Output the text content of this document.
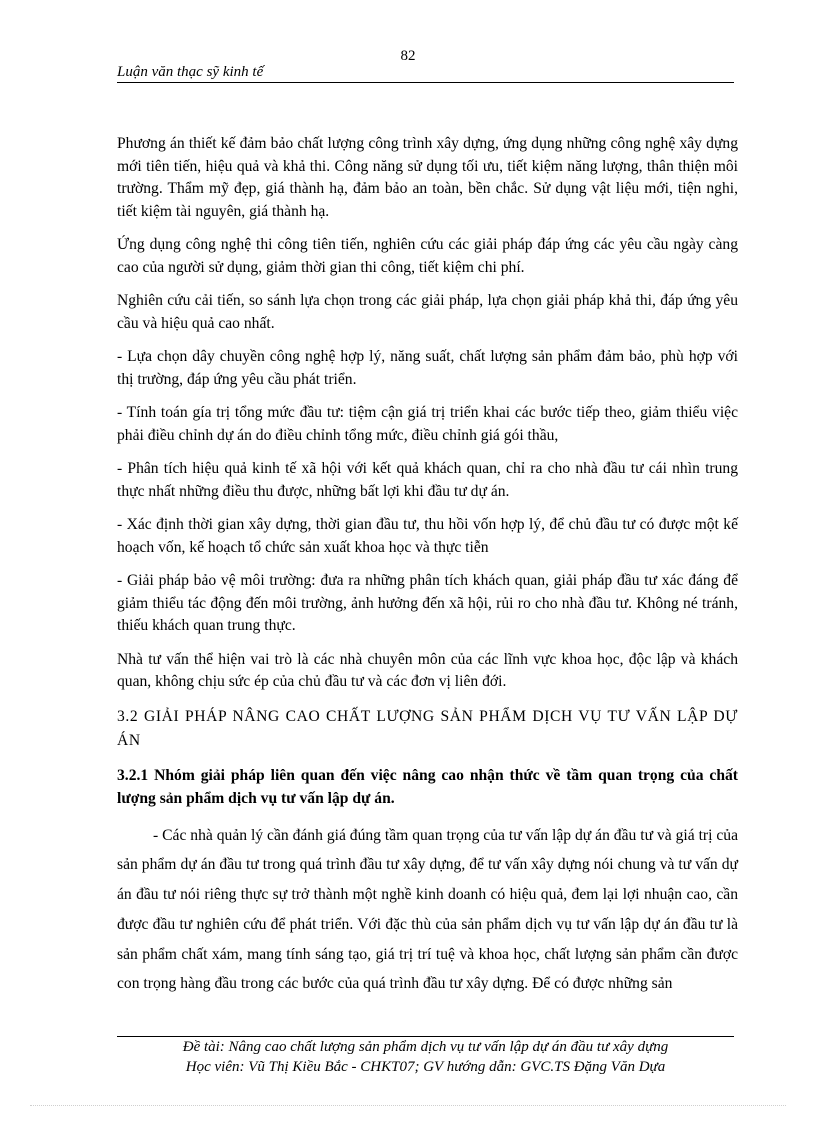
82
Luận văn thạc sỹ kinh tế

Phương án thiết kế đảm bảo chất lượng công trình xây dựng, ứng dụng những công nghệ xây dựng mới tiên tiến, hiệu quả và khả thi. Công năng sử dụng tối ưu, tiết kiệm năng lượng, thân thiện môi trường. Thẩm mỹ đẹp, giá thành hạ, đảm bảo an toàn, bền chắc. Sử dụng vật liệu mới, tiện nghi, tiết kiệm tài nguyên, giá thành hạ.

Ứng dụng công nghệ thi công tiên tiến, nghiên cứu các giải pháp đáp ứng các yêu cầu ngày càng cao của người sử dụng, giảm thời gian thi công, tiết kiệm chi phí.

Nghiên cứu cải tiến, so sánh lựa chọn trong các giải pháp, lựa chọn giải pháp khả thi, đáp ứng yêu cầu và hiệu quả cao nhất.

- Lựa chọn dây chuyền công nghệ hợp lý, năng suất, chất lượng sản phẩm đảm bảo, phù hợp với thị trường, đáp ứng yêu cầu phát triển.

- Tính toán gía trị tổng mức đầu tư: tiệm cận giá trị triển khai các bước tiếp theo, giảm thiểu việc phải điều chỉnh dự án do điều chỉnh tổng mức, điều chỉnh giá gói thầu,

- Phân tích hiệu quả kinh tế xã hội với kết quả khách quan, chỉ ra cho nhà đầu tư cái nhìn trung thực nhất những điều thu được, những bất lợi khi đầu tư dự án.

- Xác định thời gian xây dựng, thời gian đầu tư, thu hồi vốn hợp lý, để chủ đầu tư có được một kế hoạch vốn, kế hoạch tổ chức sản xuất khoa học và thực tiễn

- Giải pháp bảo vệ môi trường: đưa ra những phân tích khách quan, giải pháp đầu tư xác đáng để giảm thiểu tác động đến môi trường, ảnh hưởng đến xã hội, rủi ro cho nhà đầu tư. Không né tránh, thiếu khách quan trung thực.

Nhà tư vấn thể hiện vai trò là các nhà chuyên môn của các lĩnh vực khoa học, độc lập và khách quan, không chịu sức ép của chủ đầu tư và các đơn vị liên đới.

3.2 GIẢI PHÁP NÂNG CAO CHẤT LƯỢNG SẢN PHẨM DỊCH VỤ TƯ VẤN LẬP DỰ ÁN

3.2.1 Nhóm giải pháp liên quan đến việc nâng cao nhận thức về tầm quan trọng của chất lượng sản phẩm dịch vụ tư vấn lập dự án.

- Các nhà quản lý cần đánh giá đúng tầm quan trọng của tư vấn lập dự án đầu tư và giá trị của sản phẩm dự án đầu tư trong quá trình đầu tư xây dựng, để tư vấn xây dựng nói chung và tư vấn dự án đầu tư nói riêng thực sự trở thành một nghề kinh doanh có hiệu quả, đem lại lợi nhuận cao, cần được đầu tư nghiên cứu để phát triển. Với đặc thù của sản phẩm dịch vụ tư vấn lập dự án đầu tư là sản phẩm chất xám, mang tính sáng tạo, giá trị trí tuệ và khoa học, chất lượng sản phẩm cần được con trọng hàng đầu trong các bước của quá trình đầu tư xây dựng. Để có được những sản

Đề tài: Nâng cao chất lượng sản phẩm dịch vụ tư vấn lập dự án đầu tư xây dựng
Học viên: Vũ Thị Kiều Bắc - CHKT07; GV hướng dẫn: GVC.TS Đặng Văn Dựa
